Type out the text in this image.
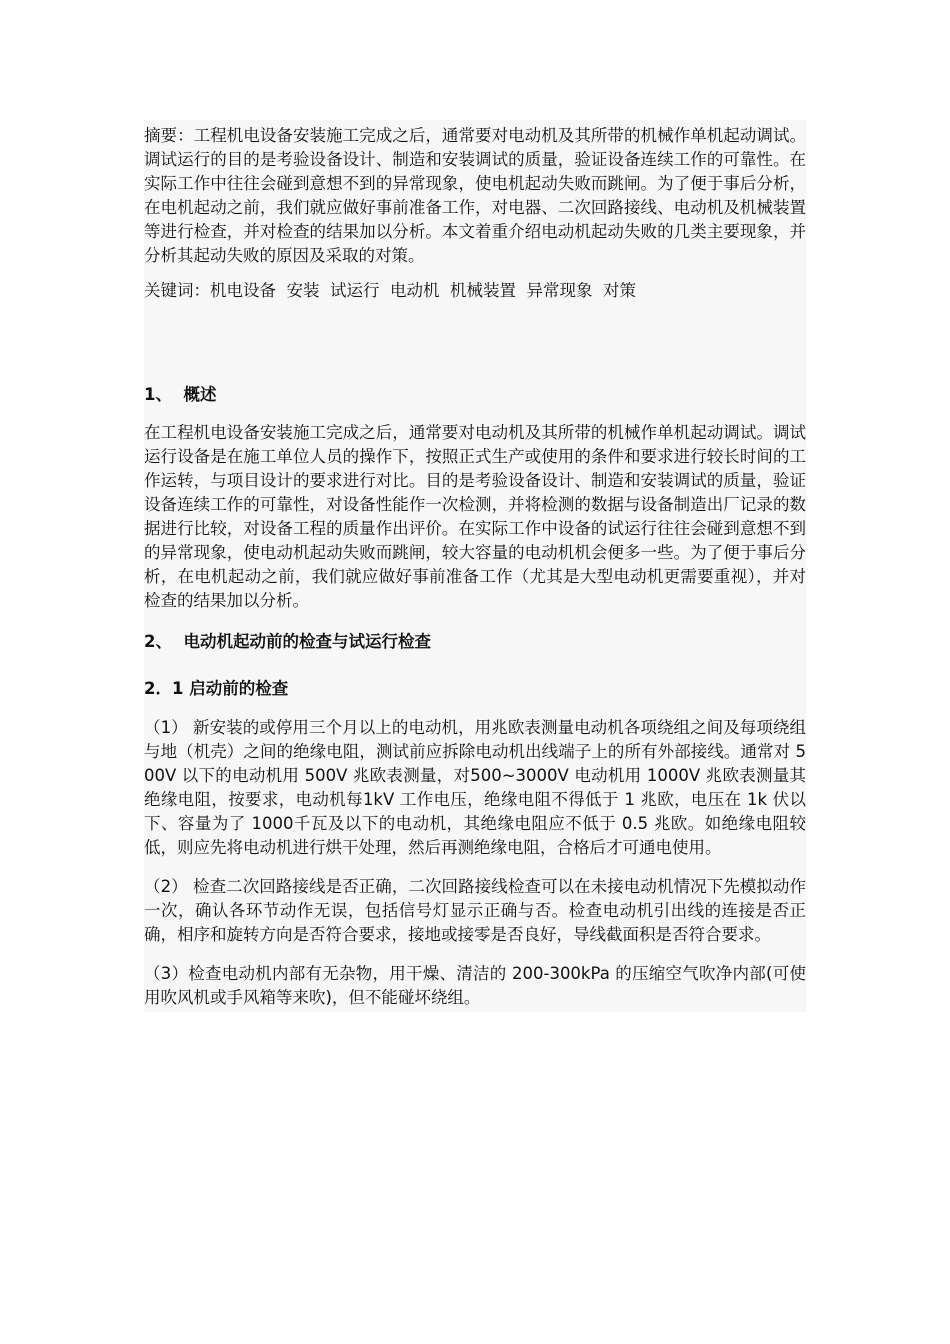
摘要：工程机电设备安装施工完成之后，通常要对电动机及其所带的机械作单机起动调试。调试运行的目的是考验设备设计、制造和安装调试的质量，验证设备连续工作的可靠性。在实际工作中往往会碰到意想不到的异常现象，使电机起动失败而跳闸。为了便于事后分析，在电机起动之前，我们就应做好事前准备工作，对电器、二次回路接线、电动机及机械装置等进行检查，并对检查的结果加以分析。本文着重介绍电动机起动失败的几类主要现象，并分析其起动失败的原因及采取的对策。

关键词：机电设备  安装  试运行  电动机  机械装置  异常现象  对策

1、  概述

在工程机电设备安装施工完成之后，通常要对电动机及其所带的机械作单机起动调试。调试运行设备是在施工单位人员的操作下，按照正式生产或使用的条件和要求进行较长时间的工作运转，与项目设计的要求进行对比。目的是考验设备设计、制造和安装调试的质量，验证设备连续工作的可靠性，对设备性能作一次检测，并将检测的数据与设备制造出厂记录的数据进行比较，对设备工程的质量作出评价。在实际工作中设备的试运行往往会碰到意想不到的异常现象，使电动机起动失败而跳闸，较大容量的电动机机会便多一些。为了便于事后分析，在电机起动之前，我们就应做好事前准备工作（尤其是大型电动机更需要重视），并对检查的结果加以分析。

2、  电动机起动前的检查与试运行检查

2．1 启动前的检查

（1） 新安装的或停用三个月以上的电动机，用兆欧表测量电动机各项绕组之间及每项绕组与地（机壳）之间的绝缘电阻，测试前应拆除电动机出线端子上的所有外部接线。通常对 500V 以下的电动机用 500V 兆欧表测量，对500~3000V 电动机用 1000V 兆欧表测量其绝缘电阻，按要求，电动机每1kV 工作电压，绝缘电阻不得低于 1 兆欧，电压在 1k 伏以下、容量为了 1000千瓦及以下的电动机，其绝缘电阻应不低于 0.5 兆欧。如绝缘电阻较低，则应先将电动机进行烘干处理，然后再测绝缘电阻，合格后才可通电使用。

（2） 检查二次回路接线是否正确，二次回路接线检查可以在未接电动机情况下先模拟动作一次，确认各环节动作无误，包括信号灯显示正确与否。检查电动机引出线的连接是否正确，相序和旋转方向是否符合要求，接地或接零是否良好，导线截面积是否符合要求。

（3）检查电动机内部有无杂物，用干燥、清洁的 200-300kPa 的压缩空气吹净内部(可使用吹风机或手风箱等来吹)，但不能碰坏绕组。
